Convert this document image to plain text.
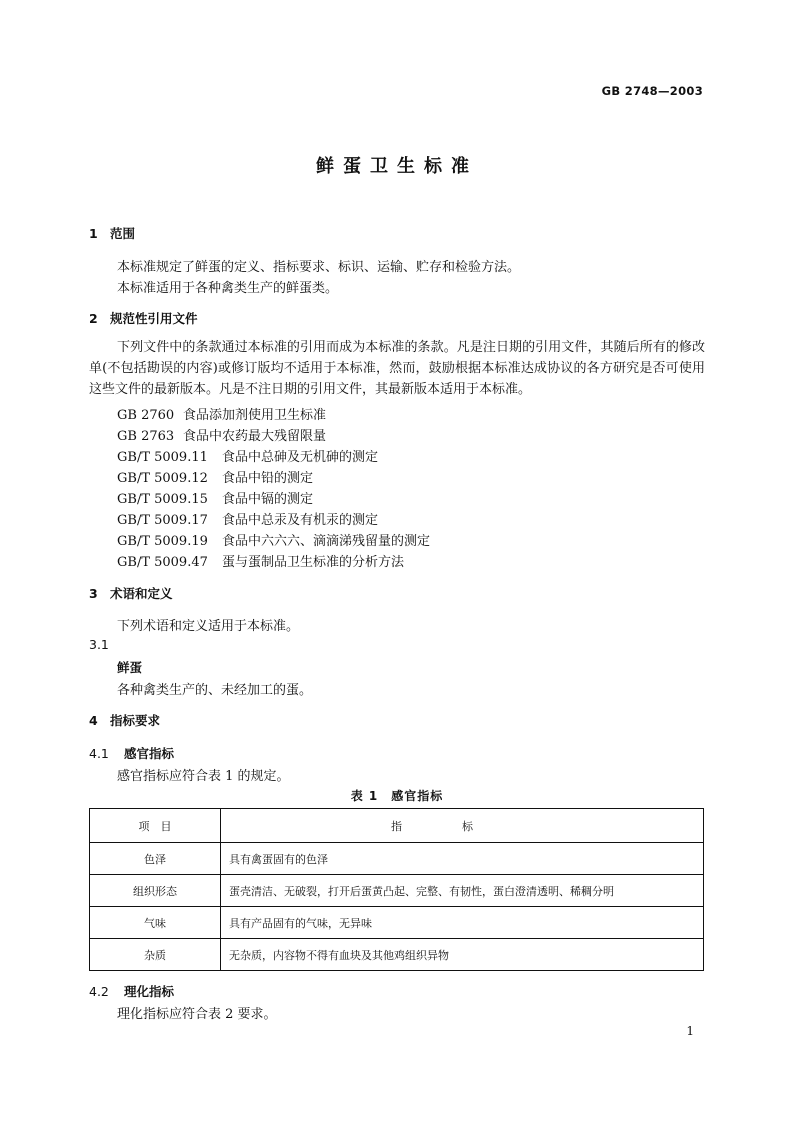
GB 2748—2003
鲜蛋卫生标准
1 范围
本标准规定了鲜蛋的定义、指标要求、标识、运输、贮存和检验方法。
本标准适用于各种禽类生产的鲜蛋类。
2 规范性引用文件
下列文件中的条款通过本标准的引用而成为本标准的条款。凡是注日期的引用文件，其随后所有的修改单(不包括勘误的内容)或修订版均不适用于本标准，然而，鼓励根据本标准达成协议的各方研究是否可使用这些文件的最新版本。凡是不注日期的引用文件，其最新版本适用于本标准。
GB 2760 食品添加剂使用卫生标准
GB 2763 食品中农药最大残留限量
GB/T 5009.11 食品中总砷及无机砷的测定
GB/T 5009.12 食品中铅的测定
GB/T 5009.15 食品中镉的测定
GB/T 5009.17 食品中总汞及有机汞的测定
GB/T 5009.19 食品中六六六、滴滴涕残留量的测定
GB/T 5009.47 蛋与蛋制品卫生标准的分析方法
3 术语和定义
下列术语和定义适用于本标准。
3.1
鲜蛋
各种禽类生产的、未经加工的蛋。
4 指标要求
4.1 感官指标
感官指标应符合表 1 的规定。
表 1　感官指标
项　目	指标
色泽	具有禽蛋固有的色泽
组织形态	蛋壳清洁、无破裂，打开后蛋黄凸起、完整、有韧性，蛋白澄清透明、稀稠分明
气味	具有产品固有的气味，无异味
杂质	无杂质，内容物不得有血块及其他鸡组织异物
4.2 理化指标
理化指标应符合表 2 要求。
1
